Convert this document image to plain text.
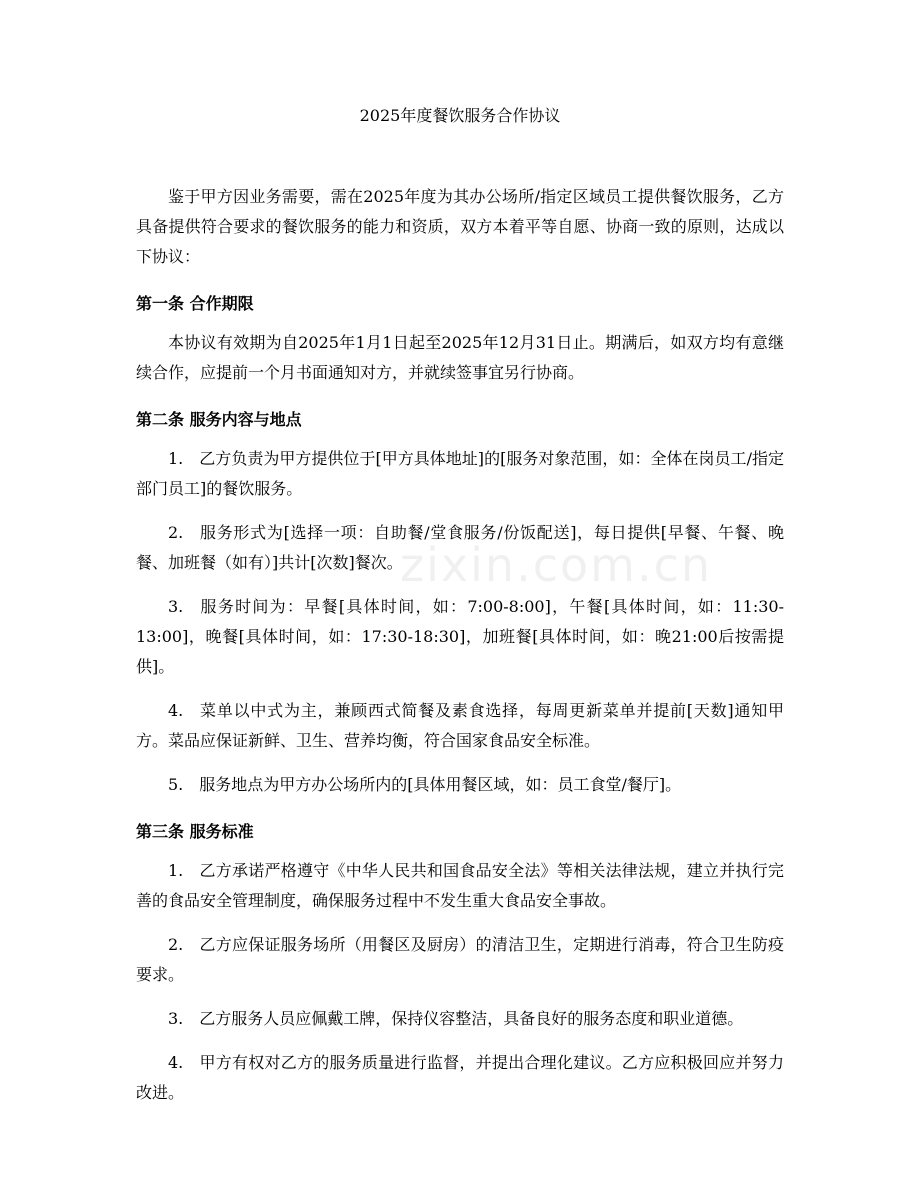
zixin.com.cn
2025年度餐饮服务合作协议

鉴于甲方因业务需要，需在2025年度为其办公场所/指定区域员工提供餐饮服务，乙方具备提供符合要求的餐饮服务的能力和资质，双方本着平等自愿、协商一致的原则，达成以下协议：

第一条 合作期限

本协议有效期为自2025年1月1日起至2025年12月31日止。期满后，如双方均有意继续合作，应提前一个月书面通知对方，并就续签事宜另行协商。

第二条 服务内容与地点

1. 乙方负责为甲方提供位于[甲方具体地址]的[服务对象范围，如：全体在岗员工/指定部门员工]的餐饮服务。

2. 服务形式为[选择一项：自助餐/堂食服务/份饭配送]，每日提供[早餐、午餐、晚餐、加班餐（如有）]共计[次数]餐次。

3. 服务时间为：早餐[具体时间，如：7:00-8:00]，午餐[具体时间，如：11:30-13:00]，晚餐[具体时间，如：17:30-18:30]，加班餐[具体时间，如：晚21:00后按需提供]。

4. 菜单以中式为主，兼顾西式简餐及素食选择，每周更新菜单并提前[天数]通知甲方。菜品应保证新鲜、卫生、营养均衡，符合国家食品安全标准。

5. 服务地点为甲方办公场所内的[具体用餐区域，如：员工食堂/餐厅]。

第三条 服务标准

1. 乙方承诺严格遵守《中华人民共和国食品安全法》等相关法律法规，建立并执行完善的食品安全管理制度，确保服务过程中不发生重大食品安全事故。

2. 乙方应保证服务场所（用餐区及厨房）的清洁卫生，定期进行消毒，符合卫生防疫要求。

3. 乙方服务人员应佩戴工牌，保持仪容整洁，具备良好的服务态度和职业道德。

4. 甲方有权对乙方的服务质量进行监督，并提出合理化建议。乙方应积极回应并努力改进。
